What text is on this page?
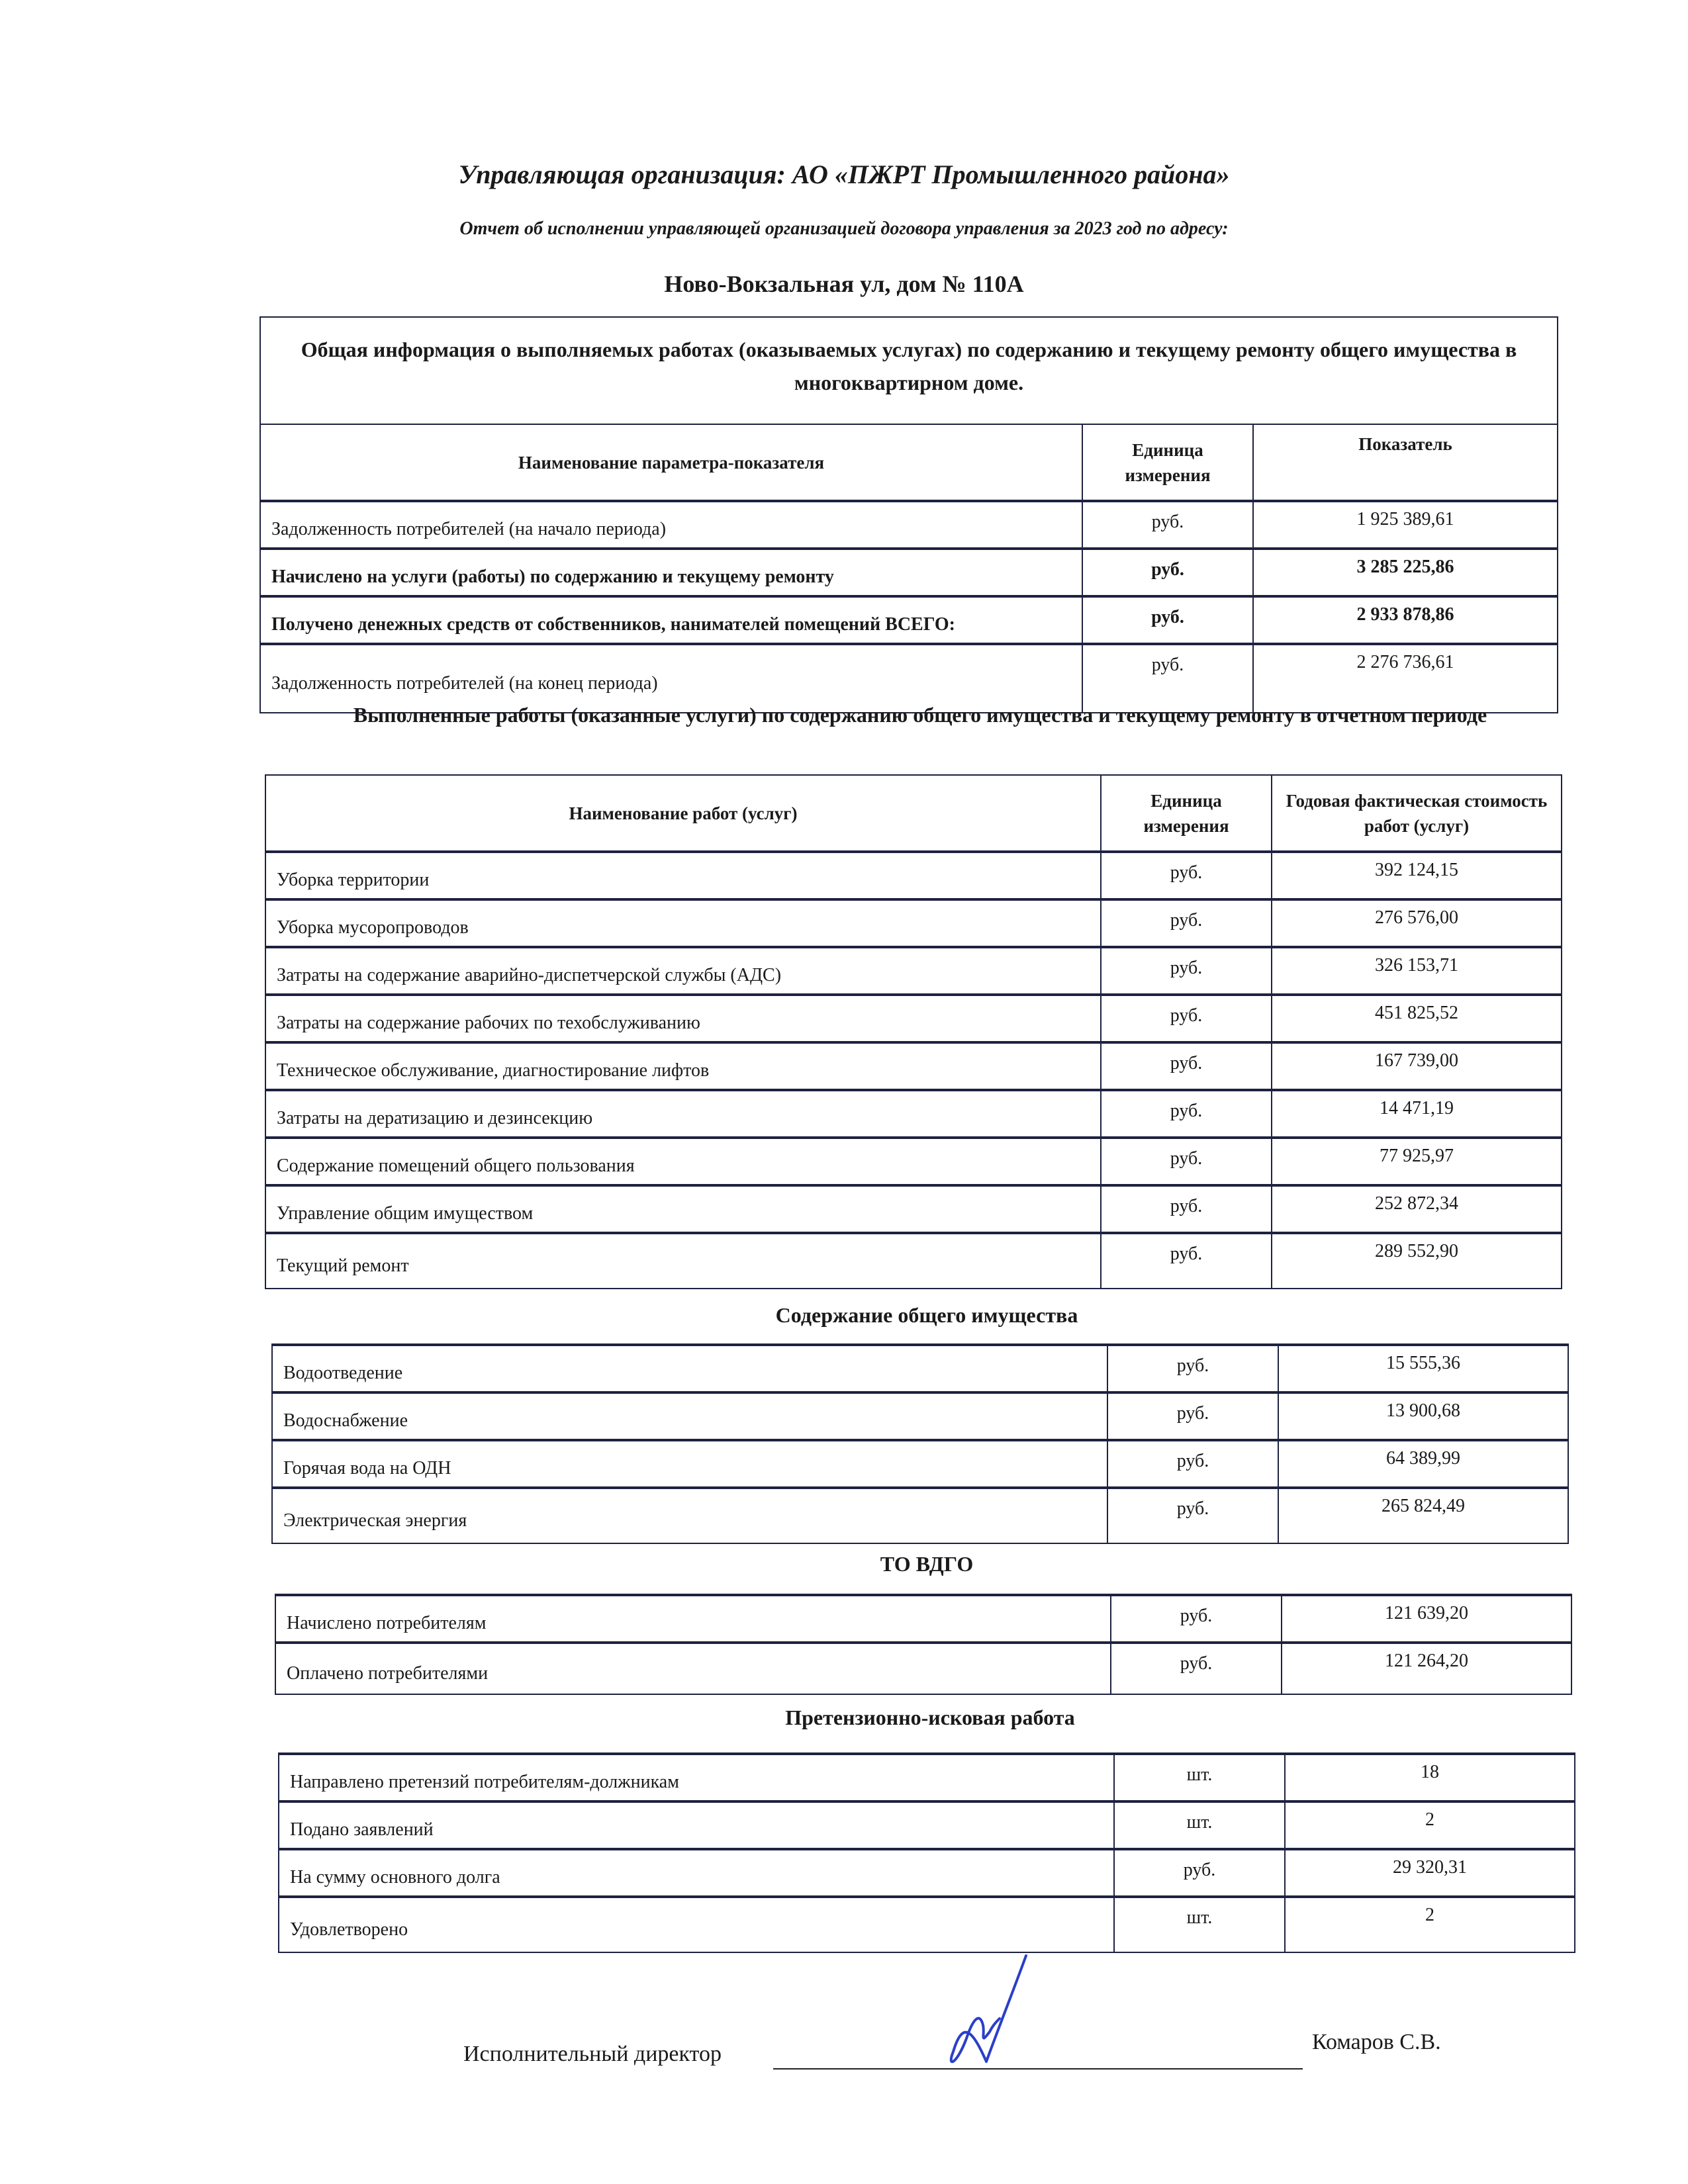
Управляющая организация: АО «ПЖРТ Промышленного района»
Отчет об исполнении управляющей организацией договора управления за 2023 год по адресу:
Ново-Вокзальная ул, дом № 110А
Общая информация о выполняемых работах (оказываемых услугах) по содержанию и текущему ремонту общего имущества в многоквартирном доме.		
Наименование параметра-показателя	Единица измерения	Показатель
Задолженность потребителей (на начало периода)	руб.	1 925 389,61
Начислено на услуги (работы) по содержанию и текущему ремонту	руб.	3 285 225,86
Получено денежных средств от собственников, нанимателей помещений ВСЕГО:	руб.	2 933 878,86
Задолженность потребителей (на конец периода)	руб.	2 276 736,61
Выполненные работы (оказанные услуги) по содержанию общего имущества и текущему ремонту в отчетном периоде
Наименование работ (услуг)	Единица измерения	Годовая фактическая стоимость работ (услуг)
Уборка территории	руб.	392 124,15
Уборка мусоропроводов	руб.	276 576,00
Затраты на содержание аварийно-диспетчерской службы (АДС)	руб.	326 153,71
Затраты на содержание рабочих по техобслуживанию	руб.	451 825,52
Техническое обслуживание, диагностирование лифтов	руб.	167 739,00
Затраты на дератизацию и дезинсекцию	руб.	14 471,19
Содержание помещений общего пользования	руб.	77 925,97
Управление общим имуществом	руб.	252 872,34
Текущий ремонт	руб.	289 552,90
Содержание общего имущества
Водоотведение	руб.	15 555,36
Водоснабжение	руб.	13 900,68
Горячая вода на ОДН	руб.	64 389,99
Электрическая энергия	руб.	265 824,49
ТО ВДГО
Начислено потребителям	руб.	121 639,20
Оплачено потребителями	руб.	121 264,20
Претензионно-исковая работа
Направлено претензий потребителям-должникам	шт.	18
Подано заявлений	шт.	2
На сумму основного долга	руб.	29 320,31
Удовлетворено	шт.	2
Исполнительный директор	Комаров С.В.
